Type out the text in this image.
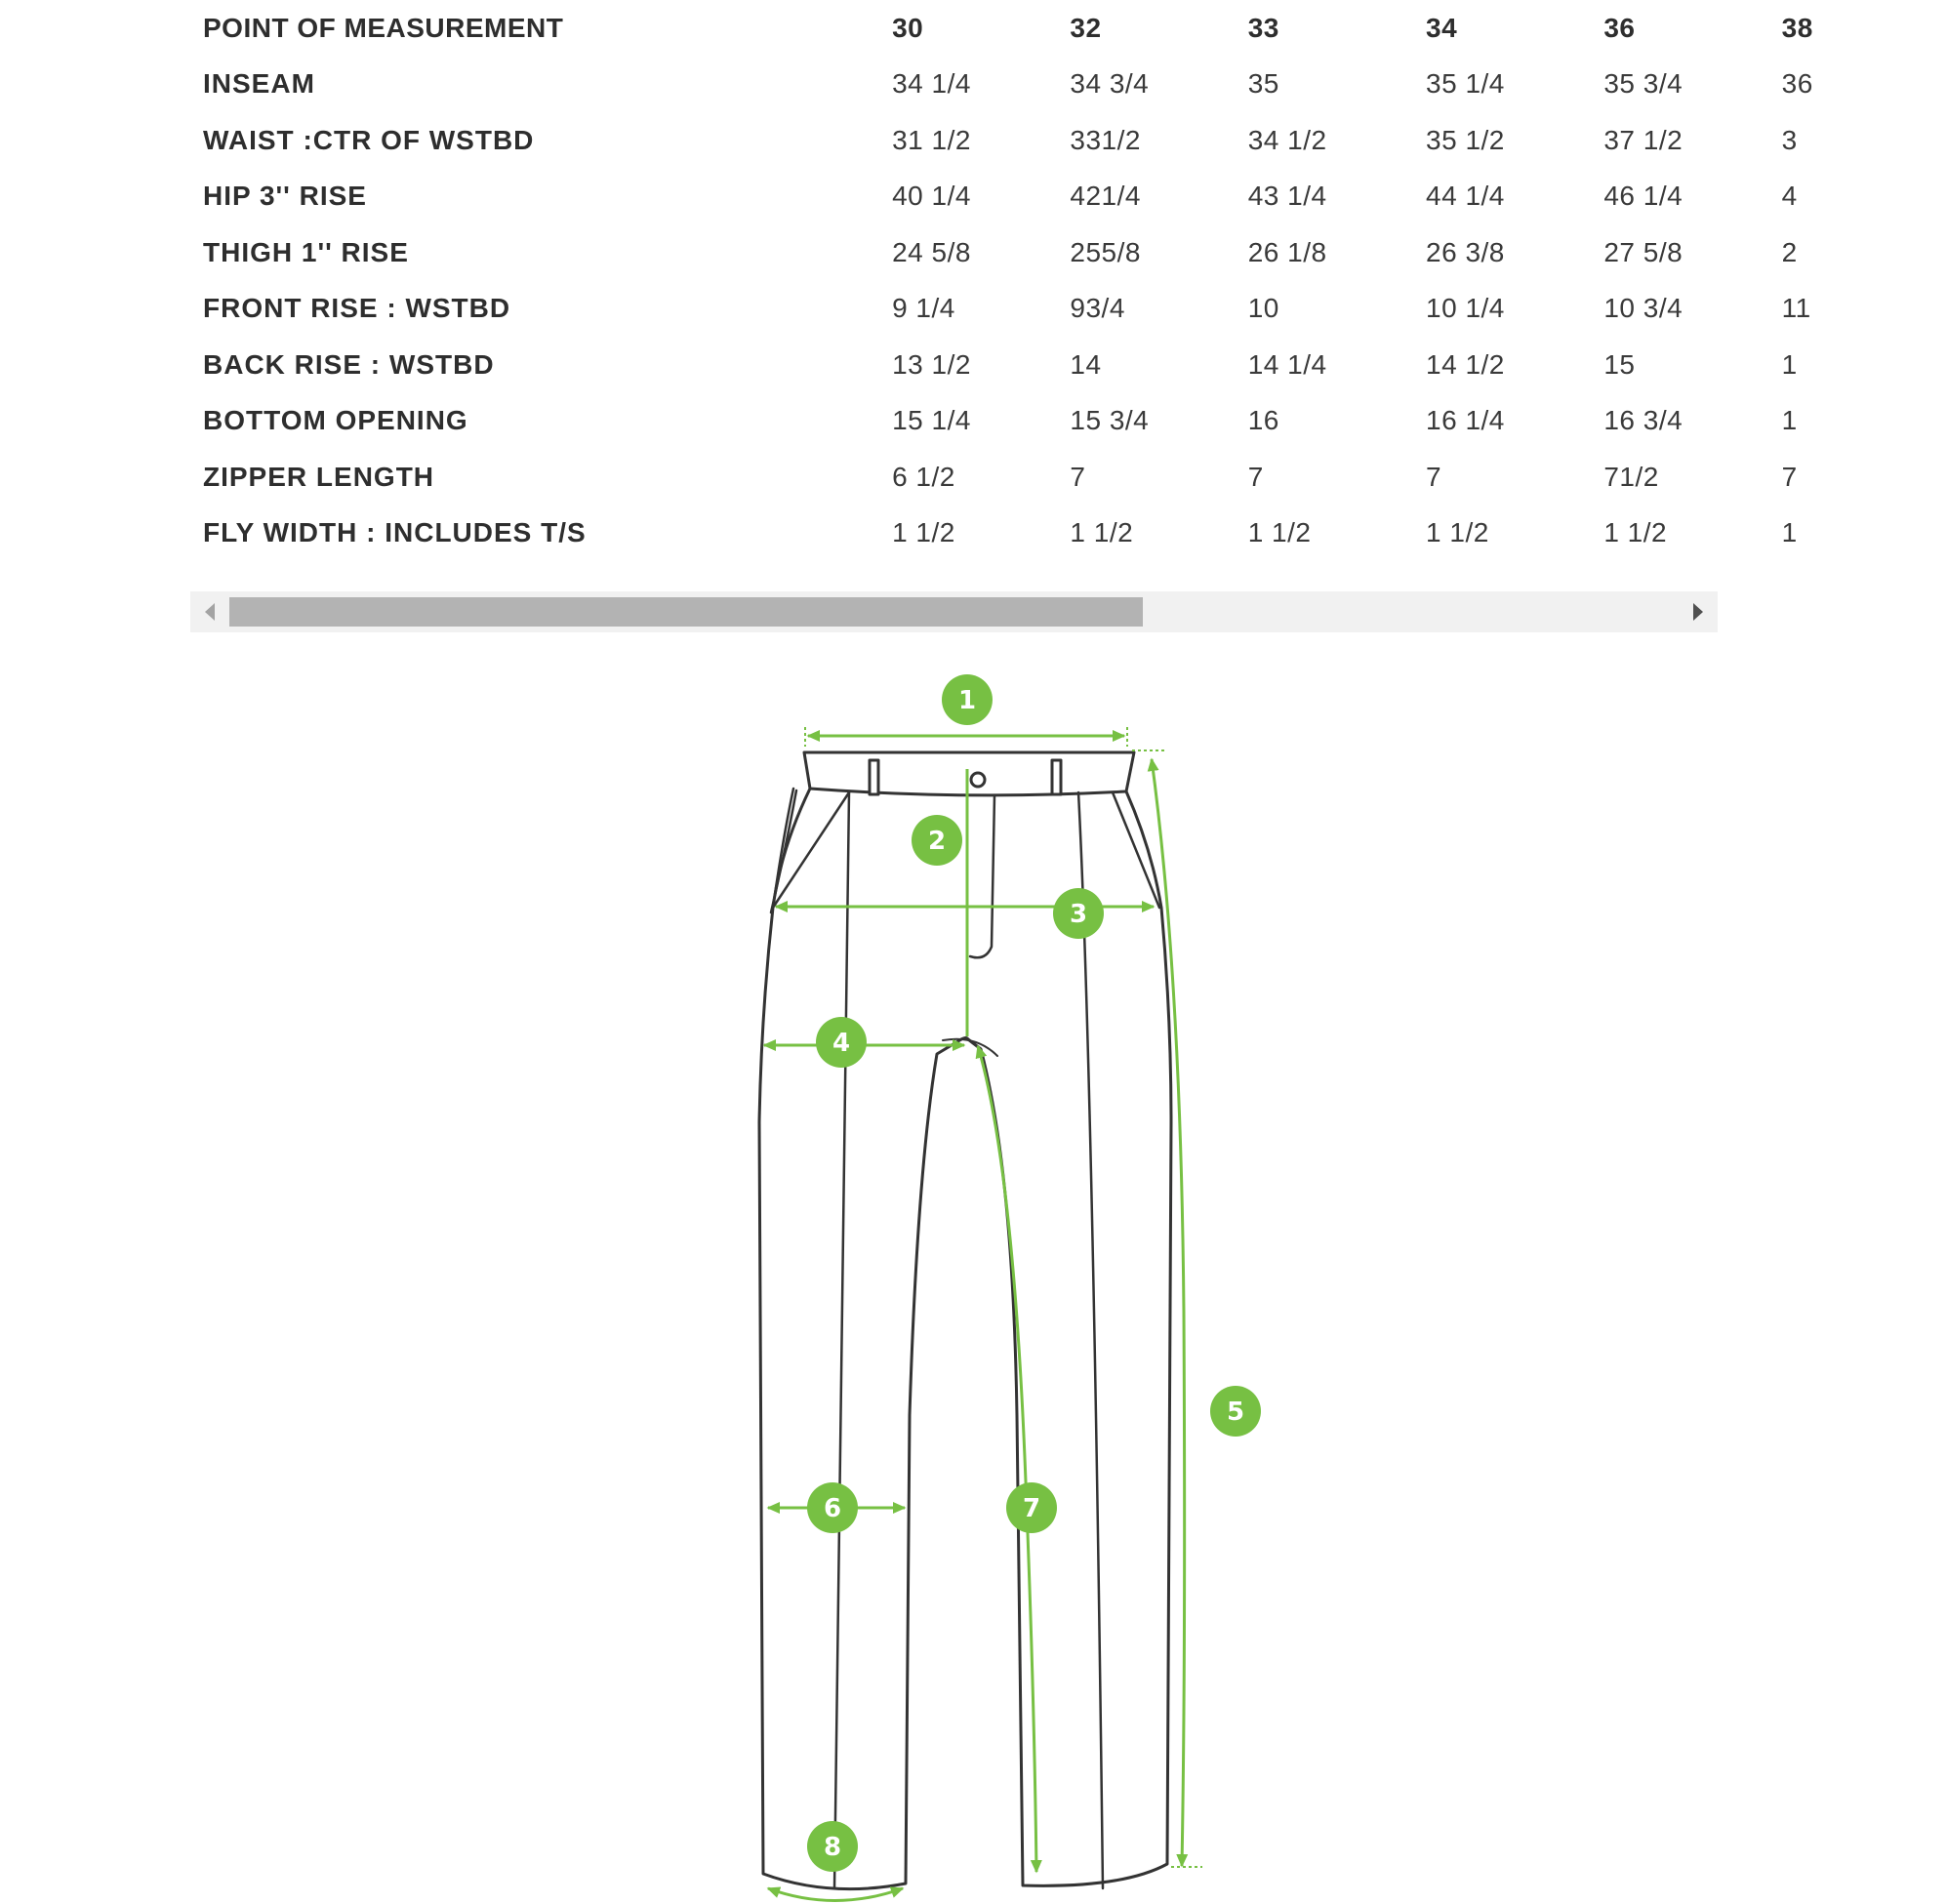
POINT OF MEASUREMENT	30	32	33	34	36	38
INSEAM	34 1/4	34 3/4	35	35 1/4	35 3/4	36
WAIST :CTR OF WSTBD	31 1/2	331/2	34 1/2	35 1/2	37 1/2	3
HIP 3'' RISE	40 1/4	421/4	43 1/4	44 1/4	46 1/4	4
THIGH 1'' RISE	24 5/8	255/8	26 1/8	26 3/8	27 5/8	2
FRONT RISE : WSTBD	9 1/4	93/4	10	10 1/4	10 3/4	11
BACK RISE : WSTBD	13 1/2	14	14 1/4	14 1/2	15	1
BOTTOM OPENING	15 1/4	15 3/4	16	16 1/4	16 3/4	1
ZIPPER LENGTH	6 1/2	7	7	7	71/2	7
FLY WIDTH : INCLUDES T/S	1 1/2	1 1/2	1 1/2	1 1/2	1 1/2	1
1
2
3
4
5
6	7
8
